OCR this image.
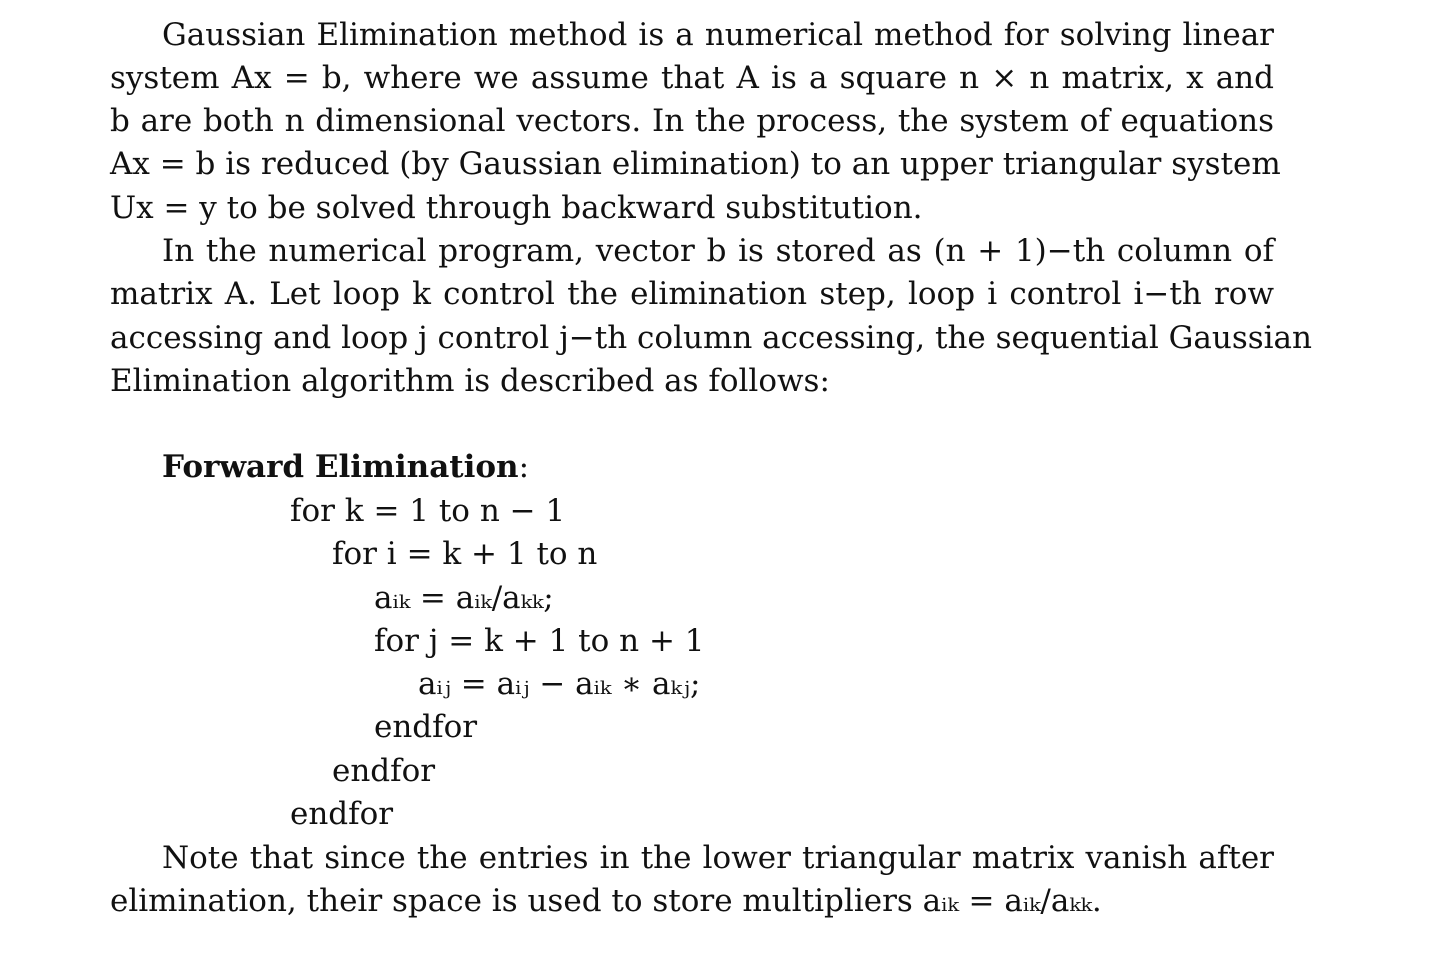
Gaussian Elimination method is a numerical method for solving linear
system Ax = b, where we assume that A is a square n × n matrix, x and
b are both n dimensional vectors. In the process, the system of equations
Ax = b is reduced (by Gaussian elimination) to an upper triangular system
Ux = y to be solved through backward substitution.
In the numerical program, vector b is stored as (n + 1)−th column of
matrix A. Let loop k control the elimination step, loop i control i−th row
accessing and loop j control j−th column accessing, the sequential Gaussian
Elimination algorithm is described as follows:
Forward Elimination:
for k = 1 to n − 1
for i = k + 1 to n
aᵢₖ = aᵢₖ/aₖₖ;
for j = k + 1 to n + 1
aᵢⱼ = aᵢⱼ − aᵢₖ ∗ aₖⱼ;
endfor
endfor
endfor
Note that since the entries in the lower triangular matrix vanish after
elimination, their space is used to store multipliers aᵢₖ = aᵢₖ/aₖₖ.
